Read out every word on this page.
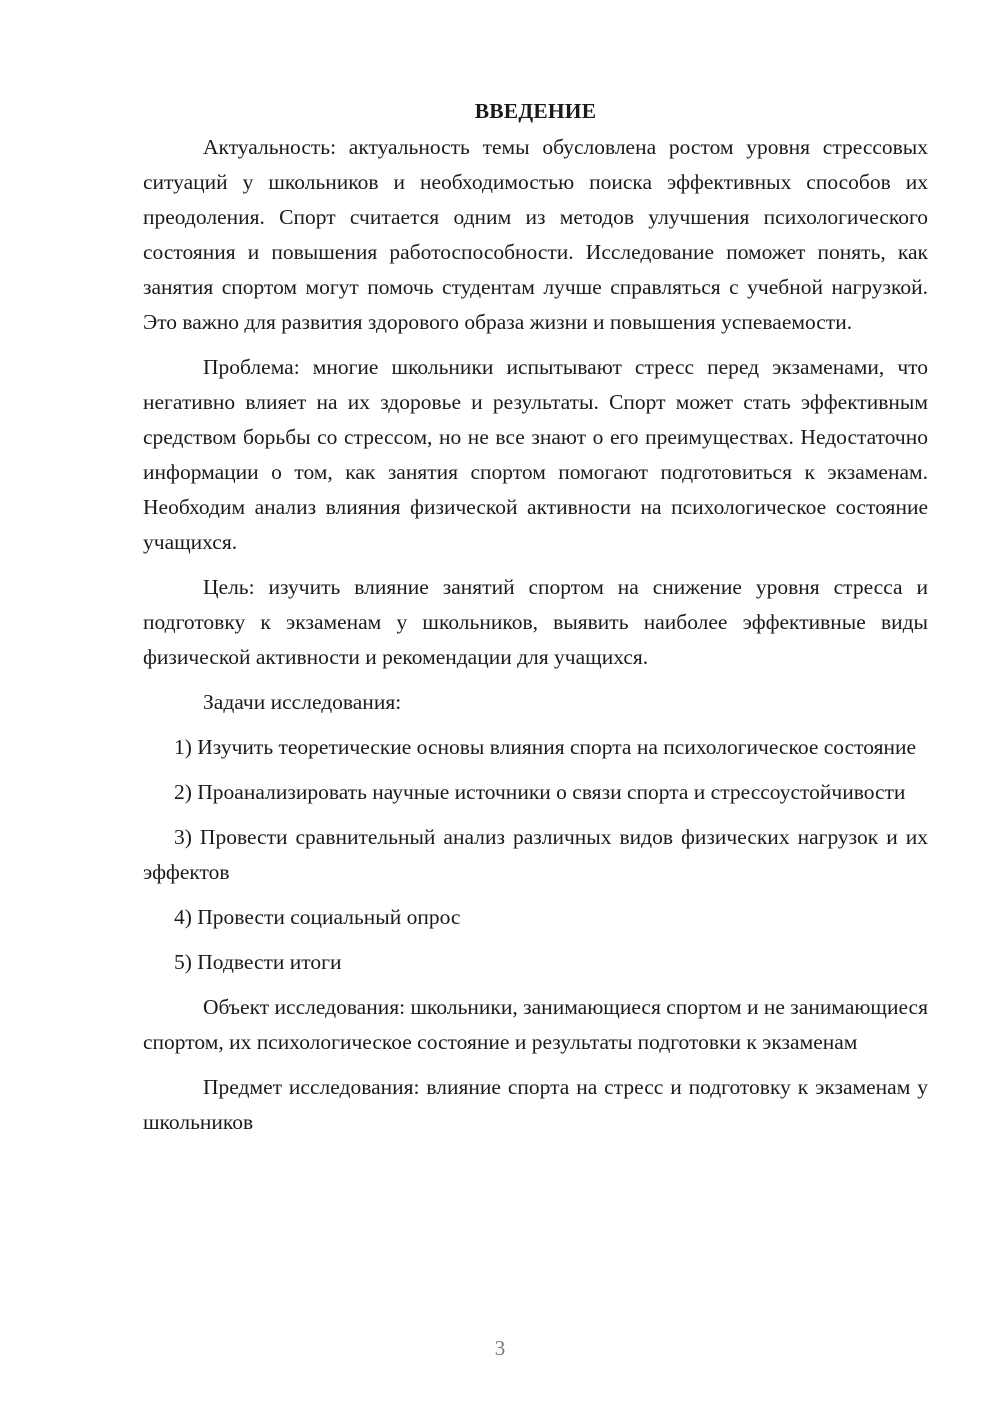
ВВЕДЕНИЕ

Актуальность: актуальность темы обусловлена ростом уровня стрессовых ситуаций у школьников и необходимостью поиска эффективных способов их преодоления. Спорт считается одним из методов улучшения психологического состояния и повышения работоспособности. Исследование поможет понять, как занятия спортом могут помочь студентам лучше справляться с учебной нагрузкой. Это важно для развития здорового образа жизни и повышения успеваемости.

Проблема: многие школьники испытывают стресс перед экзаменами, что негативно влияет на их здоровье и результаты. Спорт может стать эффективным средством борьбы со стрессом, но не все знают о его преимуществах. Недостаточно информации о том, как занятия спортом помогают подготовиться к экзаменам. Необходим анализ влияния физической активности на психологическое состояние учащихся.

Цель: изучить влияние занятий спортом на снижение уровня стресса и подготовку к экзаменам у школьников, выявить наиболее эффективные виды физической активности и рекомендации для учащихся.

Задачи исследования:

1) Изучить теоретические основы влияния спорта на психологическое состояние

2) Проанализировать научные источники о связи спорта и стрессоустойчивости

3) Провести сравнительный анализ различных видов физических нагрузок и их эффектов

4) Провести социальный опрос

5) Подвести итоги

Объект исследования: школьники, занимающиеся спортом и не занимающиеся спортом, их психологическое состояние и результаты подготовки к экзаменам

Предмет исследования: влияние спорта на стресс и подготовку к экзаменам у школьников

3
